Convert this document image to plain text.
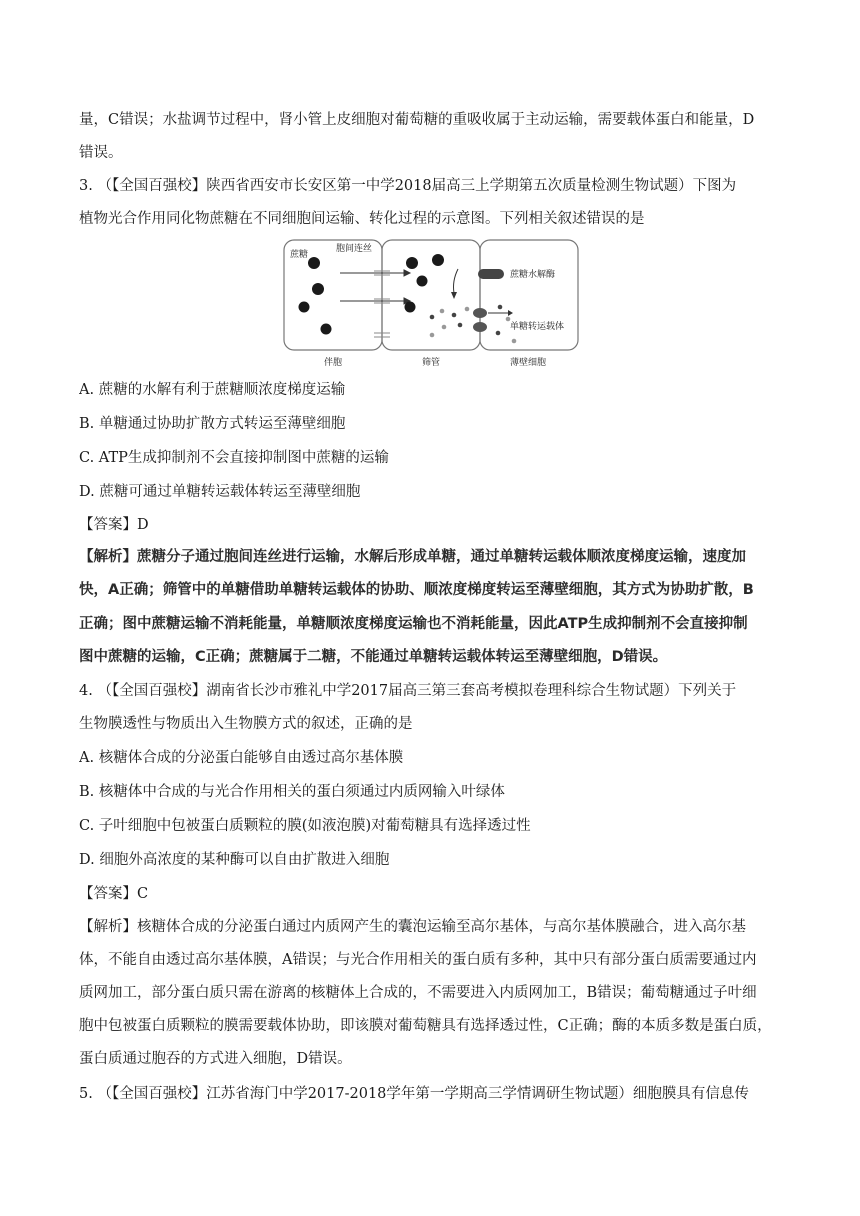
量，C错误；水盐调节过程中，肾小管上皮细胞对葡萄糖的重吸收属于主动运输，需要载体蛋白和能量，D

错误。

3. （【全国百强校】陕西省西安市长安区第一中学2018届高三上学期第五次质量检测生物试题）下图为

植物光合作用同化物蔗糖在不同细胞间运输、转化过程的示意图。下列相关叙述错误的是

蔗糖
胞间连丝
蔗糖水解酶
单糖转运载体
伴胞	筛管	薄壁细胞

A. 蔗糖的水解有利于蔗糖顺浓度梯度运输

B. 单糖通过协助扩散方式转运至薄壁细胞

C. ATP生成抑制剂不会直接抑制图中蔗糖的运输

D. 蔗糖可通过单糖转运载体转运至薄壁细胞

【答案】D

【解析】蔗糖分子通过胞间连丝进行运输，水解后形成单糖，通过单糖转运载体顺浓度梯度运输，速度加

快，A正确；筛管中的单糖借助单糖转运载体的协助、顺浓度梯度转运至薄壁细胞，其方式为协助扩散，B

正确；图中蔗糖运输不消耗能量，单糖顺浓度梯度运输也不消耗能量，因此ATP生成抑制剂不会直接抑制

图中蔗糖的运输，C正确；蔗糖属于二糖，不能通过单糖转运载体转运至薄壁细胞，D错误。

4. （【全国百强校】湖南省长沙市雅礼中学2017届高三第三套高考模拟卷理科综合生物试题）下列关于

生物膜透性与物质出入生物膜方式的叙述，正确的是

A. 核糖体合成的分泌蛋白能够自由透过高尔基体膜

B. 核糖体中合成的与光合作用相关的蛋白须通过内质网输入叶绿体

C. 子叶细胞中包被蛋白质颗粒的膜(如液泡膜)对葡萄糖具有选择透过性

D. 细胞外高浓度的某种酶可以自由扩散进入细胞

【答案】C

【解析】核糖体合成的分泌蛋白通过内质网产生的囊泡运输至高尔基体，与高尔基体膜融合，进入高尔基

体，不能自由透过高尔基体膜，A错误；与光合作用相关的蛋白质有多种，其中只有部分蛋白质需要通过内

质网加工，部分蛋白质只需在游离的核糖体上合成的，不需要进入内质网加工，B错误；葡萄糖通过子叶细

胞中包被蛋白质颗粒的膜需要载体协助，即该膜对葡萄糖具有选择透过性，C正确；酶的本质多数是蛋白质，

蛋白质通过胞吞的方式进入细胞，D错误。

5. （【全国百强校】江苏省海门中学2017-2018学年第一学期高三学情调研生物试题）细胞膜具有信息传
